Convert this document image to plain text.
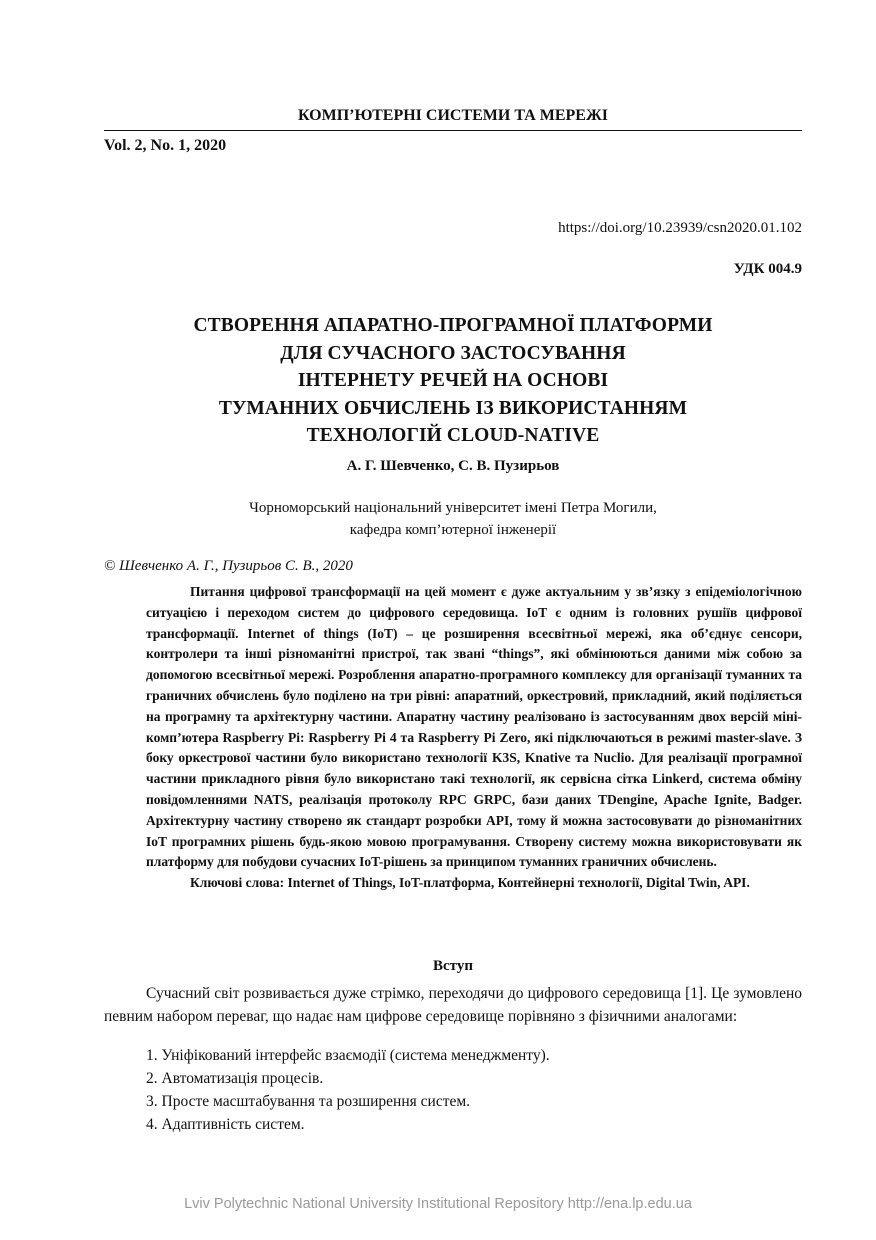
КОМП’ЮТЕРНІ СИСТЕМИ ТА МЕРЕЖІ
Vol. 2, No. 1, 2020
https://doi.org/10.23939/csn2020.01.102
УДК 004.9
СТВОРЕННЯ АПАРАТНО-ПРОГРАМНОЇ ПЛАТФОРМИ
ДЛЯ СУЧАСНОГО ЗАСТОСУВАННЯ
ІНТЕРНЕТУ РЕЧЕЙ НА ОСНОВІ
ТУМАННИХ ОБЧИСЛЕНЬ ІЗ ВИКОРИСТАННЯМ
ТЕХНОЛОГІЙ CLOUD-NATIVE
А. Г. Шевченко, С. В. Пузирьов
Чорноморський національний університет імені Петра Могили,
кафедра комп’ютерної інженерії
© Шевченко А. Г., Пузирьов С. В., 2020

Питання цифрової трансформації на цей момент є дуже актуальним у зв’язку з епідеміологічною ситуацією і переходом систем до цифрового середовища. IoT є одним із головних рушіїв цифрової трансформації. Internet of things (IoT) – це розширення всесвітньої мережі, яка об’єднує сенсори, контролери та інші різноманітні пристрої, так звані “things”, які обмінюються даними між собою за допомогою всесвітньої мережі. Розроблення апаратно-програмного комплексу для організації туманних та граничних обчислень було поділено на три рівні: апаратний, оркестровий, прикладний, який поділяється на програмну та архітектурну частини. Апаратну частину реалізовано із застосуванням двох версій міні-комп’ютера Raspberry Pi: Raspberry Pi 4 та Raspberry Pi Zero, які підключаються в режимі master-slave. З боку оркестрової частини було використано технології K3S, Knative та Nuclio. Для реалізації програмної частини прикладного рівня було використано такі технології, як сервісна сітка Linkerd, система обміну повідомленнями NATS, реалізація протоколу RPC GRPC, бази даних TDengine, Apache Ignite, Badger. Архітектурну частину створено як стандарт розробки API, тому й можна застосовувати до різноманітних IoT програмних рішень будь-якою мовою програмування. Створену систему можна використовувати як платформу для побудови сучасних IoT-рішень за принципом туманних граничних обчислень.

Ключові слова: Internet of Things, IoT-платформа, Контейнерні технології, Digital Twin, API.

Вступ

Сучасний світ розвивається дуже стрімко, переходячи до цифрового середовища [1]. Це зумовлено певним набором переваг, що надає нам цифрове середовище порівняно з фізичними аналогами:

1. Уніфікований інтерфейс взаємодії (система менеджменту).
2. Автоматизація процесів.
3. Просте масштабування та розширення систем.
4. Адаптивність систем.
Lviv Polytechnic National University Institutional Repository http://ena.lp.edu.ua
